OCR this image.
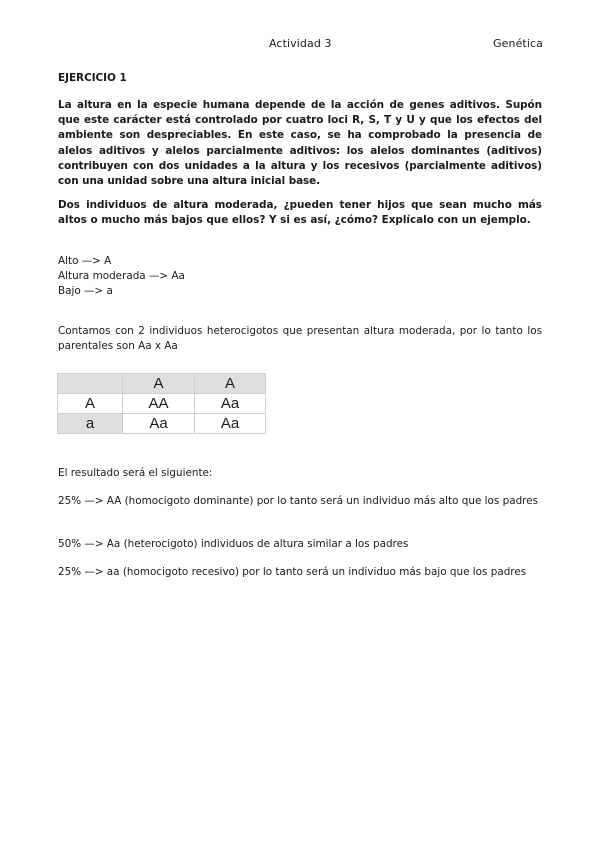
Actividad 3	Genética
EJERCICIO 1
La altura en la especie humana depende de la acción de genes aditivos. Supón que este carácter está controlado por cuatro loci R, S, T y U y que los efectos del ambiente son despreciables. En este caso, se ha comprobado la presencia de alelos aditivos y alelos parcialmente aditivos: los alelos dominantes (aditivos) contribuyen con dos unidades a la altura y los recesivos (parcialmente aditivos) con una unidad sobre una altura inicial base.
Dos individuos de altura moderada, ¿pueden tener hijos que sean mucho más altos o mucho más bajos que ellos? Y si es así, ¿cómo? Explícalo con un ejemplo.
Alto —> A
Altura moderada —> Aa
Bajo —> a
Contamos con 2 individuos heterocigotos que presentan altura moderada, por lo tanto los parentales son Aa x Aa
	A	A
A	AA	Aa
a	Aa	Aa
El resultado será el siguiente:
25% —> AA (homocigoto dominante) por lo tanto será un individuo más alto que los padres
50% —> Aa (heterocigoto) individuos de altura similar a los padres
25% —> aa (homocigoto recesivo) por lo tanto será un individuo más bajo que los padres
